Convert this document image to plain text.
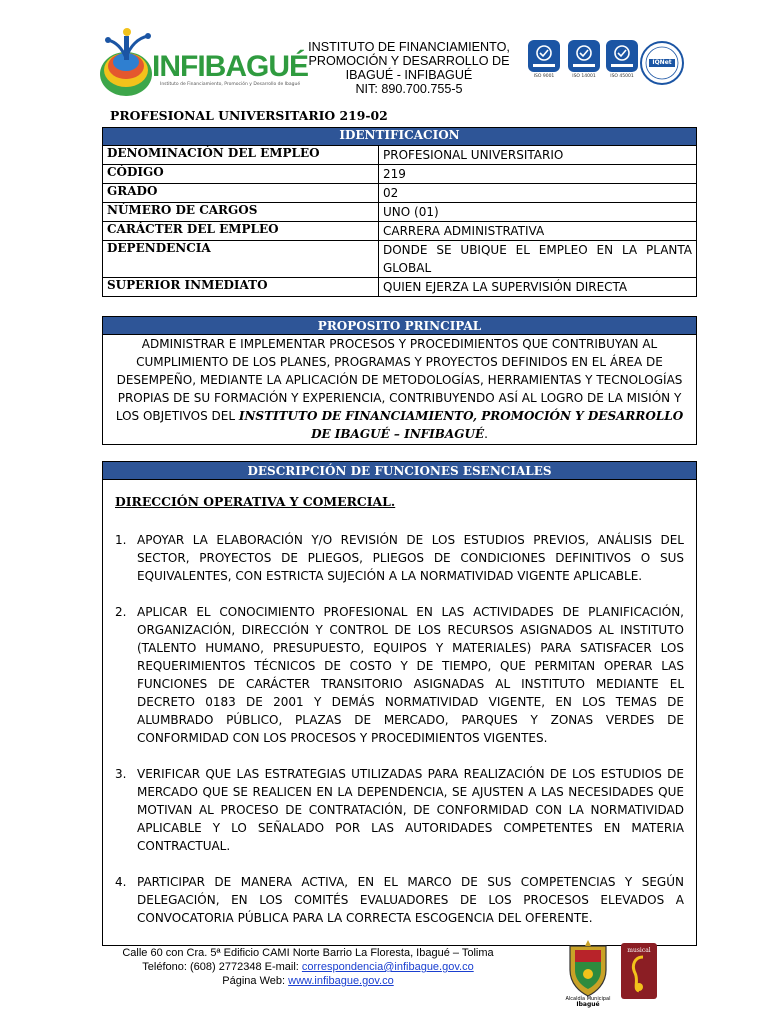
INFIBAGUÉ
Instituto de Financiamiento, Promoción y Desarrollo de Ibagué
INSTITUTO DE FINANCIAMIENTO,
PROMOCIÓN Y DESARROLLO DE
IBAGUÉ - INFIBAGUÉ
NIT: 890.700.755-5
ISO 9001	ISO 14001	ISO 45001
IQNet
PROFESIONAL UNIVERSITARIO 219-02
IDENTIFICACION	
DENOMINACIÓN DEL EMPLEO	PROFESIONAL UNIVERSITARIO
CÓDIGO	219
GRADO	02
NÚMERO DE CARGOS	UNO (01)
CARÁCTER DEL EMPLEO	CARRERA ADMINISTRATIVA
DEPENDENCIA	DONDE SE UBIQUE EL EMPLEO EN LA PLANTA GLOBAL
SUPERIOR INMEDIATO	QUIEN EJERZA LA SUPERVISIÓN DIRECTA
PROPOSITO PRINCIPAL
ADMINISTRAR E IMPLEMENTAR PROCESOS Y PROCEDIMIENTOS QUE CONTRIBUYAN AL CUMPLIMIENTO DE LOS PLANES, PROGRAMAS Y PROYECTOS DEFINIDOS EN EL ÁREA DE DESEMPEÑO, MEDIANTE LA APLICACIÓN DE METODOLOGÍAS, HERRAMIENTAS Y TECNOLOGÍAS PROPIAS DE SU FORMACIÓN Y EXPERIENCIA, CONTRIBUYENDO ASÍ AL LOGRO DE LA MISIÓN Y LOS OBJETIVOS DEL INSTITUTO DE FINANCIAMIENTO, PROMOCIÓN Y DESARROLLO DE IBAGUÉ – INFIBAGUÉ.
DESCRIPCIÓN DE FUNCIONES ESENCIALES

DIRECCIÓN OPERATIVA Y COMERCIAL.
1. APOYAR LA ELABORACIÓN Y/O REVISIÓN DE LOS ESTUDIOS PREVIOS, ANÁLISIS DEL SECTOR, PROYECTOS DE PLIEGOS, PLIEGOS DE CONDICIONES DEFINITIVOS O SUS EQUIVALENTES, CON ESTRICTA SUJECIÓN A LA NORMATIVIDAD VIGENTE APLICABLE.
2. APLICAR EL CONOCIMIENTO PROFESIONAL EN LAS ACTIVIDADES DE PLANIFICACIÓN, ORGANIZACIÓN, DIRECCIÓN Y CONTROL DE LOS RECURSOS ASIGNADOS AL INSTITUTO (TALENTO HUMANO, PRESUPUESTO, EQUIPOS Y MATERIALES) PARA SATISFACER LOS REQUERIMIENTOS TÉCNICOS DE COSTO Y DE TIEMPO, QUE PERMITAN OPERAR LAS FUNCIONES DE CARÁCTER TRANSITORIO ASIGNADAS AL INSTITUTO MEDIANTE EL DECRETO 0183 DE 2001 Y DEMÁS NORMATIVIDAD VIGENTE, EN LOS TEMAS DE ALUMBRADO PÚBLICO, PLAZAS DE MERCADO, PARQUES Y ZONAS VERDES DE CONFORMIDAD CON LOS PROCESOS Y PROCEDIMIENTOS VIGENTES.
3. VERIFICAR QUE LAS ESTRATEGIAS UTILIZADAS PARA REALIZACIÓN DE LOS ESTUDIOS DE MERCADO QUE SE REALICEN EN LA DEPENDENCIA, SE AJUSTEN A LAS NECESIDADES QUE MOTIVAN AL PROCESO DE CONTRATACIÓN, DE CONFORMIDAD CON LA NORMATIVIDAD APLICABLE Y LO SEÑALADO POR LAS AUTORIDADES COMPETENTES EN MATERIA CONTRACTUAL.
4. PARTICIPAR DE MANERA ACTIVA, EN EL MARCO DE SUS COMPETENCIAS Y SEGÚN DELEGACIÓN, EN LOS COMITÉS EVALUADORES DE LOS PROCESOS ELEVADOS A CONVOCATORIA PÚBLICA PARA LA CORRECTA ESCOGENCIA DEL OFERENTE.
Calle 60 con Cra. 5ª Edificio CAMI Norte Barrio La Floresta, Ibagué – Tolima
Teléfono: (608) 2772348 E-mail: correspondencia@infibague.gov.co
Página Web: www.infibague.gov.co
Alcaldía Municipal
Ibagué
musical
